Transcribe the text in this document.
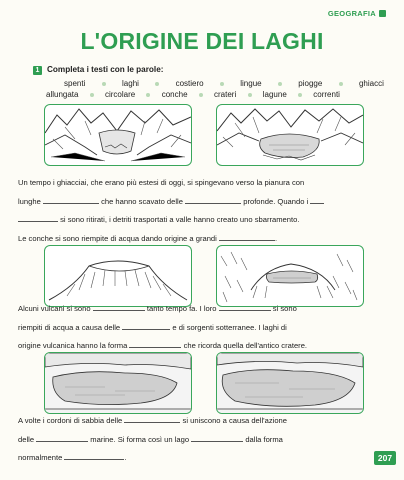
GEOGRAFIA
L'ORIGINE DEI LAGHI
1 Completa i testi con le parole:
spenti	laghi	costiero	lingue	piogge	ghiacci
allungata	circolare	conche	crateri	lagune	correnti
Un tempo i ghiacciai, che erano più estesi di oggi, si spingevano verso la pianura con
lunghe	che hanno scavato delle	profonde. Quando i
si sono ritirati, i detriti trasportati a valle hanno creato uno sbarramento.
Le conche si sono riempite di acqua dando origine a grandi	.
Alcuni vulcani si sono	tanto tempo fa. I loro	si sono
riempiti di acqua a causa delle	e di sorgenti sotterranee. I laghi di
origine vulcanica hanno la forma	che ricorda quella dell'antico cratere.
A volte i cordoni di sabbia delle	si uniscono a causa dell'azione
delle	marine. Si forma così un lago	dalla forma
normalmente	.	207
